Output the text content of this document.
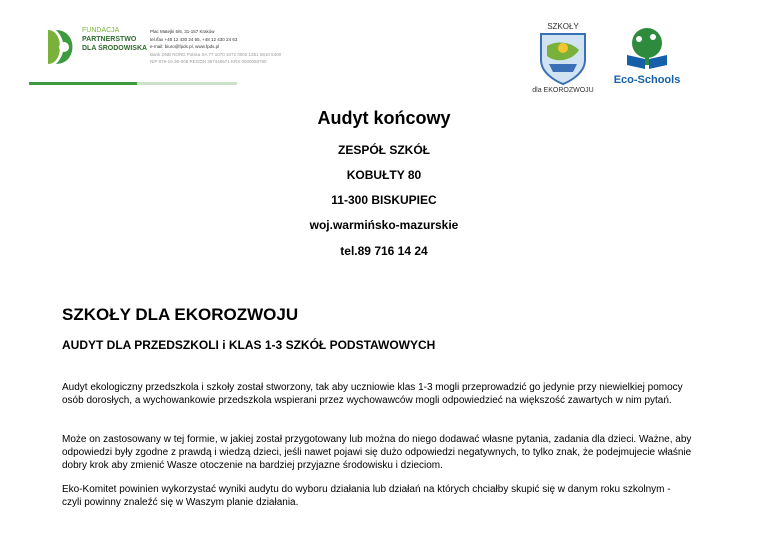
FUNDACJA
PARTNERSTWO
DLA ŚRODOWISKA
Plac Matejki 5/6, 31-157 Kraków
tel./fax +48 12 430 24 65, +48 12 430 24 63
e-mail: biuro@fpds.pl, www.fpds.pl
Bank DNB NORD Polska SA 77 1070 1072 0000 1351 6810 5400
NIP 676-10-36-006 REGON 357440671 KRS 0000058780
SZKOŁY
dla EKOROZWOJU
Eco-Schools
Audyt końcowy
ZESPÓŁ SZKÓŁ
KOBUŁTY 80
11-300 BISKUPIEC
woj.warmińsko-mazurskie
tel.89 716 14 24
SZKOŁY DLA EKOROZWOJU
AUDYT DLA PRZEDSZKOLI i KLAS 1-3 SZKÓŁ PODSTAWOWYCH
Audyt ekologiczny przedszkola i szkoły został stworzony, tak aby uczniowie klas 1-3 mogli przeprowadzić go jedynie przy niewielkiej pomocy osób dorosłych, a wychowankowie przedszkola wspierani przez wychowawców mogli odpowiedzieć na większość zawartych w nim pytań.
Może on zastosowany w tej formie, w jakiej został przygotowany lub można do niego dodawać własne pytania, zadania dla dzieci. Ważne, aby odpowiedzi były zgodne z prawdą i wiedzą dzieci, jeśli nawet pojawi się dużo odpowiedzi negatywnych, to tylko znak, że podejmujecie właśnie dobry krok aby zmienić Wasze otoczenie na bardziej przyjazne środowisku i dzieciom.
Eko-Komitet powinien wykorzystać wyniki audytu do wyboru działania lub działań na których chciałby skupić się w danym roku szkolnym - czyli powinny znaleźć się w Waszym planie działania.
